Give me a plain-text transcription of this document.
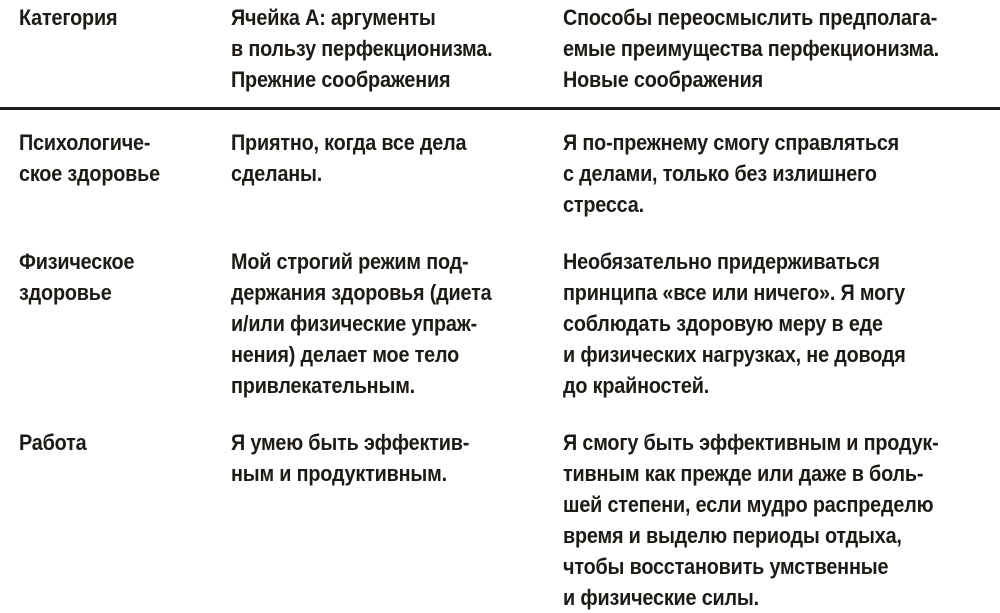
Категория	Ячейка А: аргументы
в пользу перфекционизма.
Прежние соображения
Способы переосмыслить предполага-
емые преимущества перфекционизма.
Новые соображения
Психологиче-
ское здоровье
Приятно, когда все дела
сделаны.
Я по-прежнему смогу справляться
с делами, только без излишнего
стресса.
Физическое
здоровье
Мой строгий режим под-
держания здоровья (диета
и/или физические упраж-
нения) делает мое тело
привлекательным.
Необязательно придерживаться
принципа «все или ничего». Я могу
соблюдать здоровую меру в еде
и физических нагрузках, не доводя
до крайностей.
Работа	Я умею быть эффектив-
ным и продуктивным.
Я смогу быть эффективным и продук-
тивным как прежде или даже в боль-
шей степени, если мудро распределю
время и выделю периоды отдыха,
чтобы восстановить умственные
и физические силы.
